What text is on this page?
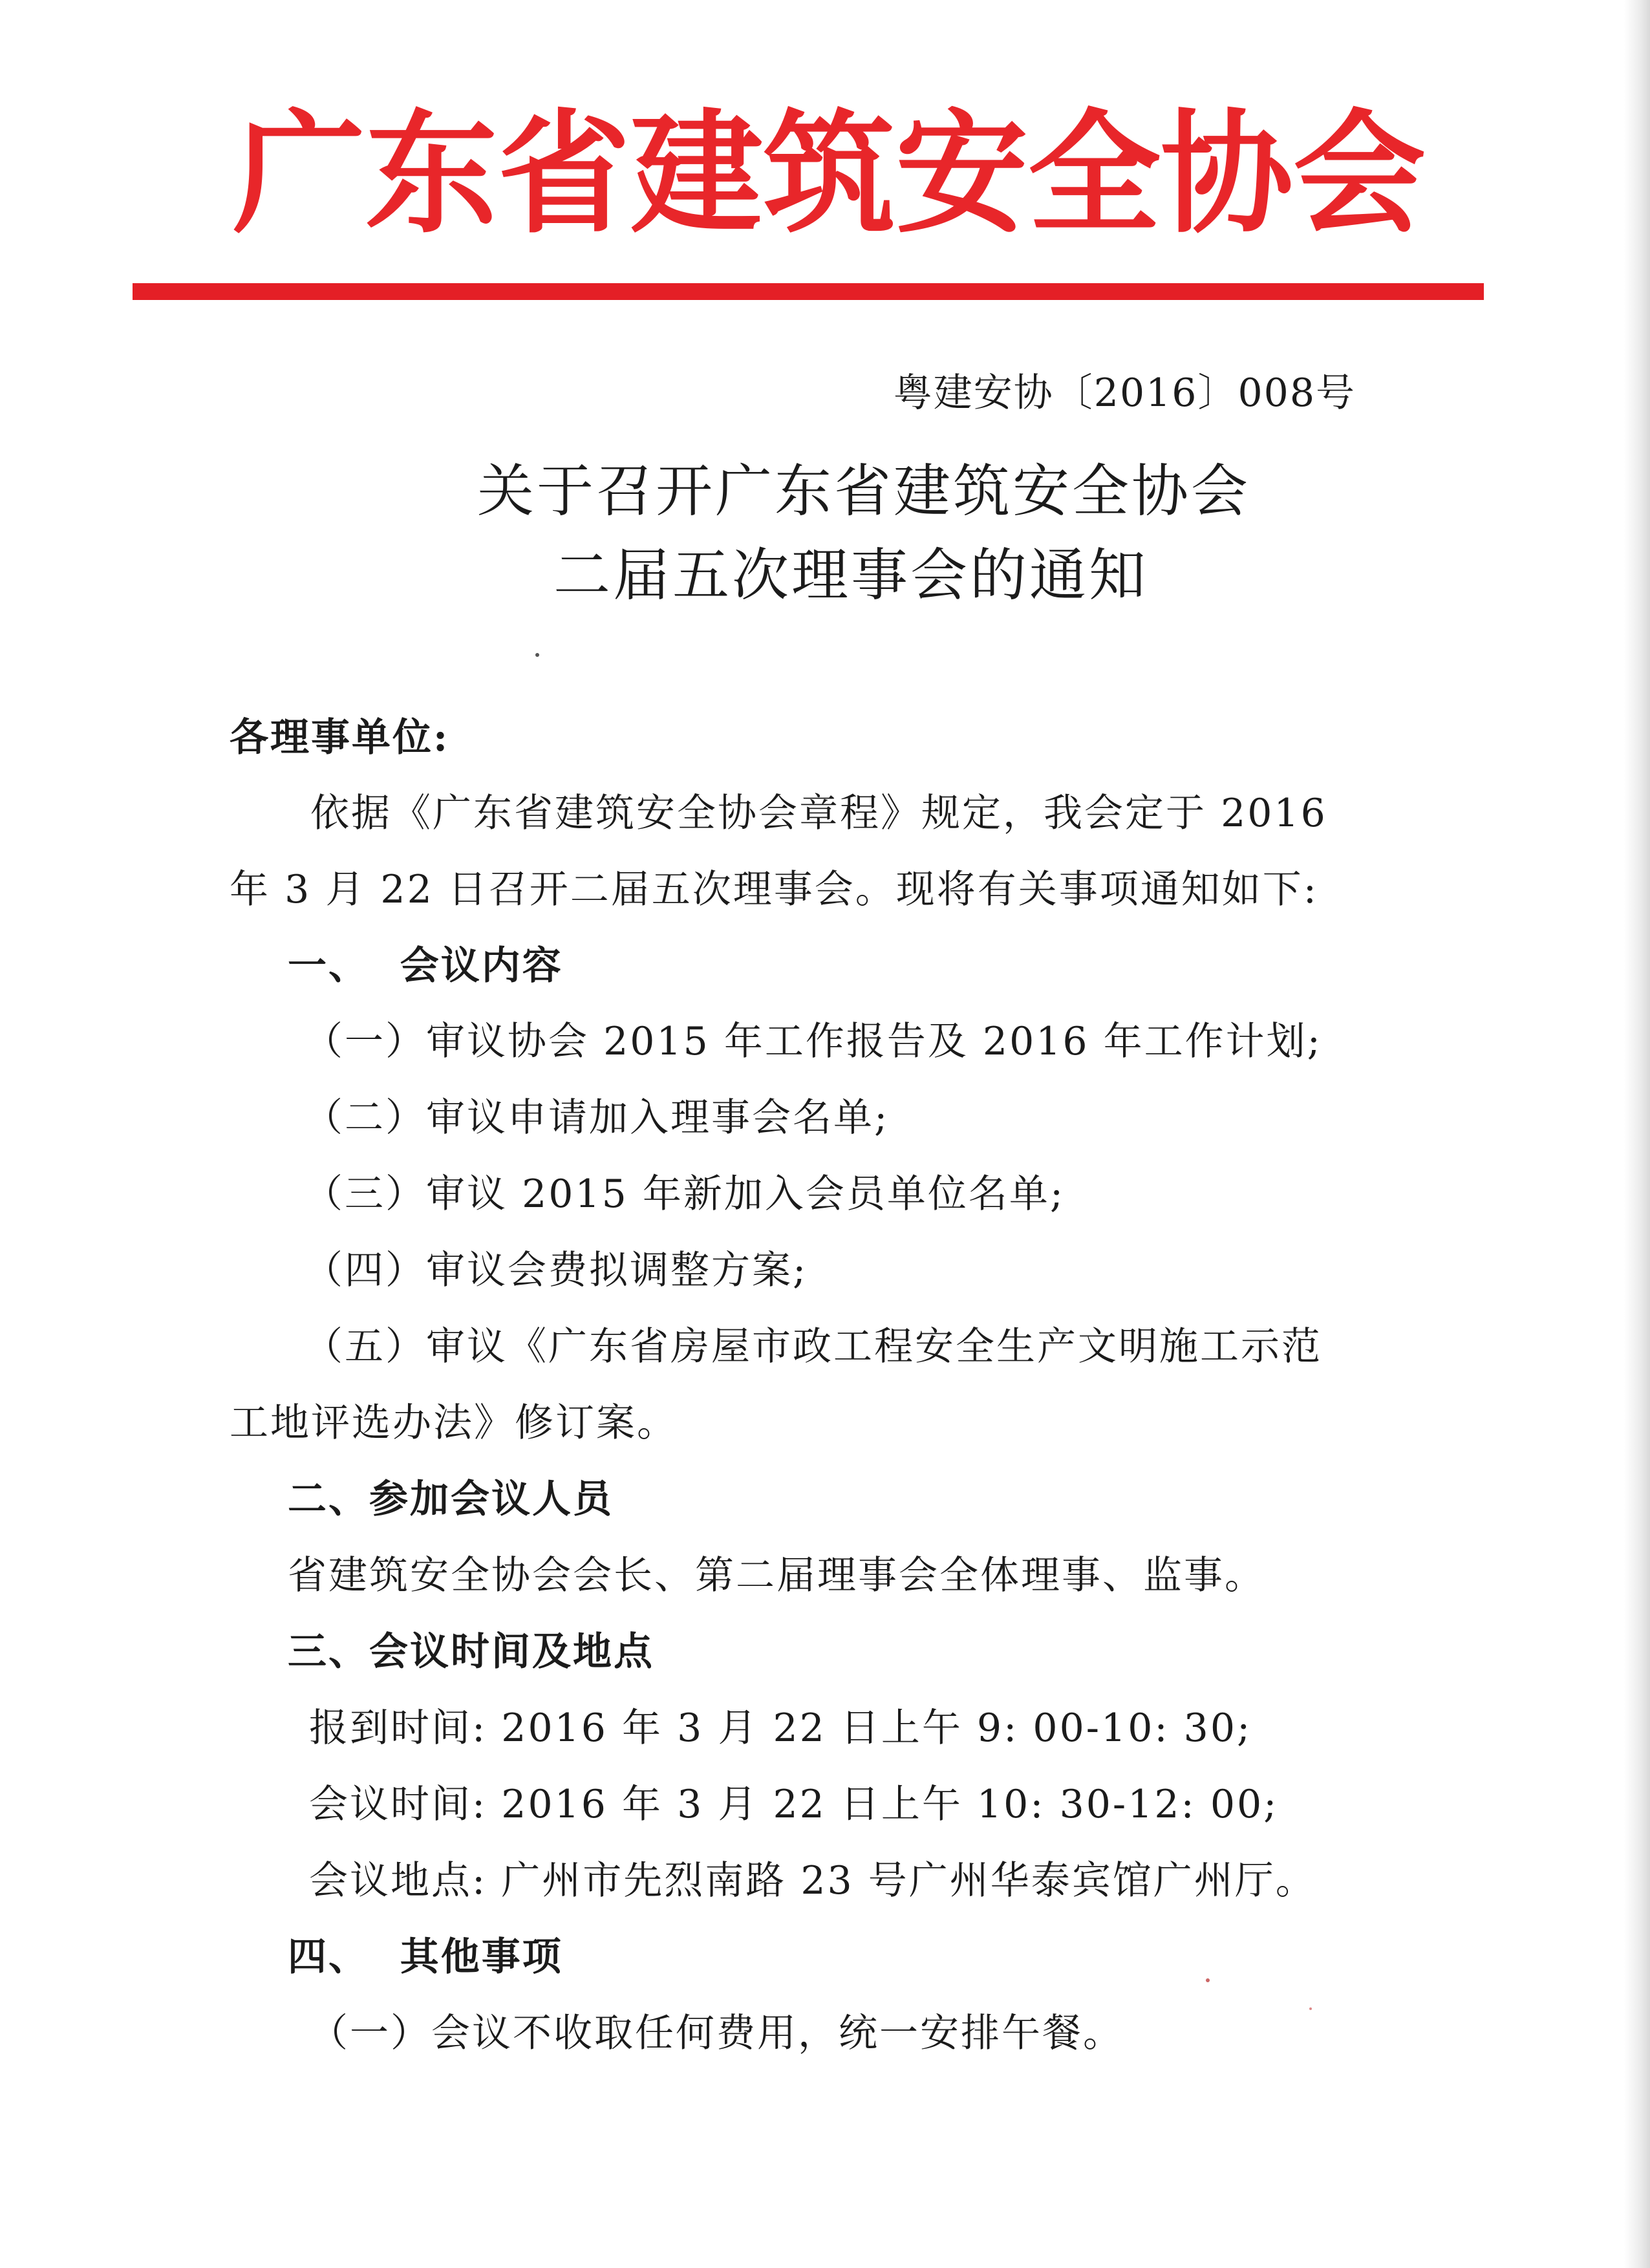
广 东 省 建 筑 安 全 协 会
粤建安协〔2016〕008号
关于召开广东省建筑安全协会
二届五次理事会的通知
各理事单位:
依据《广东省建筑安全协会章程》规定，我会定于 2016
年 3 月 22 日召开二届五次理事会。现将有关事项通知如下:
一、  会议内容
（一）审议协会 2015 年工作报告及 2016 年工作计划;
（二）审议申请加入理事会名单;
（三）审议 2015 年新加入会员单位名单;
（四）审议会费拟调整方案;
（五）审议《广东省房屋市政工程安全生产文明施工示范
工地评选办法》修订案。
二、参加会议人员
省建筑安全协会会长、第二届理事会全体理事、监事。
三、会议时间及地点
报到时间: 2016 年 3 月 22 日上午 9: 00-10: 30;
会议时间: 2016 年 3 月 22 日上午 10: 30-12: 00;
会议地点: 广州市先烈南路 23 号广州华泰宾馆广州厅。
四、  其他事项
（一）会议不收取任何费用，统一安排午餐。
